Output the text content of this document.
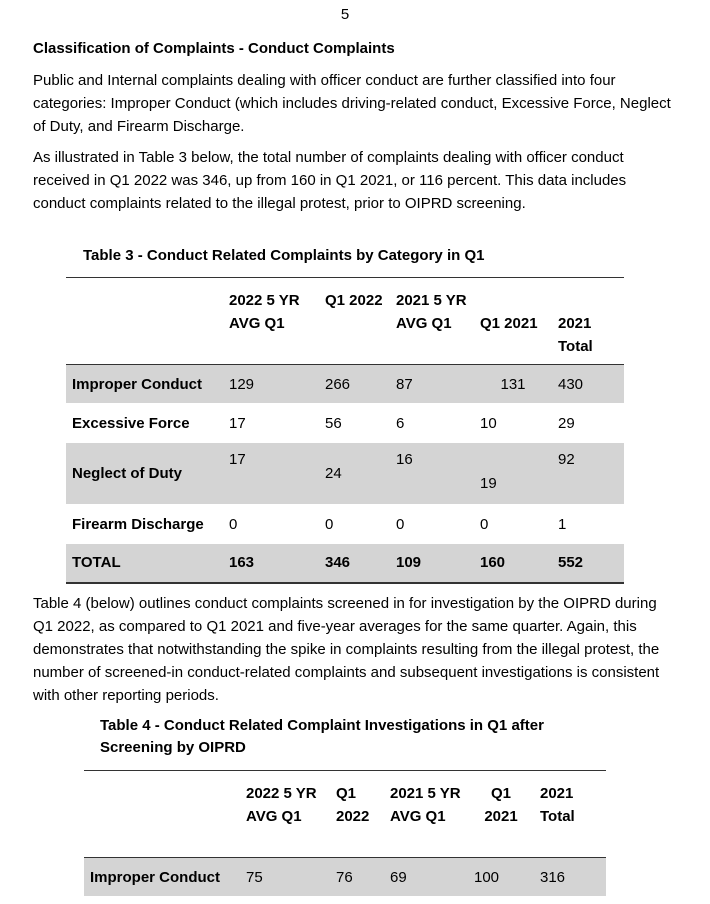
5
Classification of Complaints - Conduct Complaints
Public and Internal complaints dealing with officer conduct are further classified into four categories: Improper Conduct (which includes driving-related conduct, Excessive Force, Neglect of Duty, and Firearm Discharge.
As illustrated in Table 3 below, the total number of complaints dealing with officer conduct received in Q1 2022 was 346, up from 160 in Q1 2021, or 116 percent. This data includes conduct complaints related to the illegal protest, prior to OIPRD screening.
Table 3 - Conduct Related Complaints by Category in Q1
	2022 5 YR AVG Q1	Q1 2022	2021 5 YR AVG Q1	Q1 2021	2021 Total
Improper Conduct	129	266	87	131	430
Excessive Force	17	56	6	10	29
Neglect of Duty	17	24	16	19	92
Firearm Discharge	0	0	0	0	1
TOTAL	163	346	109	160	552
Table 4 (below) outlines conduct complaints screened in for investigation by the OIPRD during Q1 2022, as compared to Q1 2021 and five-year averages for the same quarter. Again, this demonstrates that notwithstanding the spike in complaints resulting from the illegal protest, the number of screened-in conduct-related complaints and subsequent investigations is consistent with other reporting periods.
Table 4 - Conduct Related Complaint Investigations in Q1 after Screening by OIPRD
	2022 5 YR AVG Q1	Q1 2022	2021 5 YR AVG Q1	Q1 2021	2021 Total
Improper Conduct	75	76	69	100	316
